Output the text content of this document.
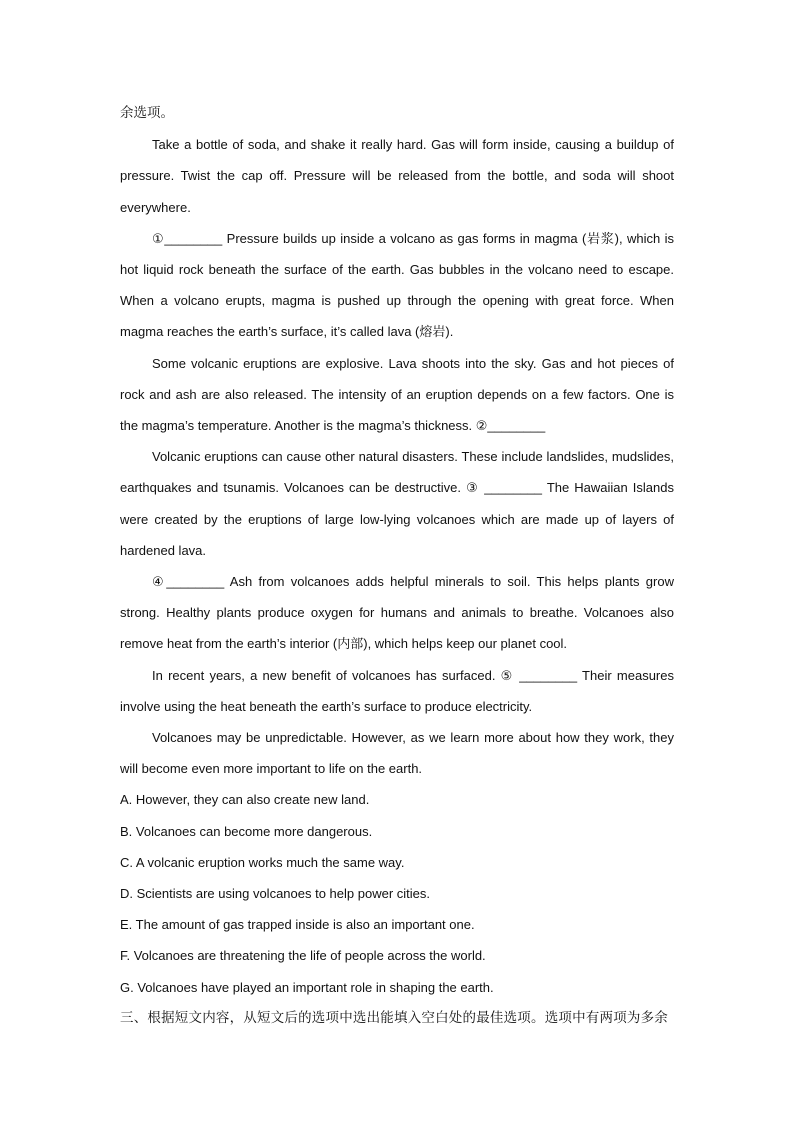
余选项。

Take a bottle of soda, and shake it really hard. Gas will form inside, causing a buildup of pressure. Twist the cap off. Pressure will be released from the bottle, and soda will shoot everywhere.

①________ Pressure builds up inside a volcano as gas forms in magma (岩浆), which is hot liquid rock beneath the surface of the earth. Gas bubbles in the volcano need to escape. When a volcano erupts, magma is pushed up through the opening with great force. When magma reaches the earth’s surface, it’s called lava (熔岩).

Some volcanic eruptions are explosive. Lava shoots into the sky. Gas and hot pieces of rock and ash are also released. The intensity of an eruption depends on a few factors. One is the magma’s temperature. Another is the magma’s thickness. ②________

Volcanic eruptions can cause other natural disasters. These include landslides, mudslides, earthquakes and tsunamis. Volcanoes can be destructive. ③ ________ The Hawaiian Islands were created by the eruptions of large low-lying volcanoes which are made up of layers of hardened lava.

④________ Ash from volcanoes adds helpful minerals to soil. This helps plants grow strong. Healthy plants produce oxygen for humans and animals to breathe. Volcanoes also remove heat from the earth’s interior (内部), which helps keep our planet cool.

In recent years, a new benefit of volcanoes has surfaced. ⑤ ________ Their measures involve using the heat beneath the earth’s surface to produce electricity.

Volcanoes may be unpredictable. However, as we learn more about how they work, they will become even more important to life on the earth.

A. However, they can also create new land.

B. Volcanoes can become more dangerous.

C. A volcanic eruption works much the same way.

D. Scientists are using volcanoes to help power cities.

E. The amount of gas trapped inside is also an important one.

F. Volcanoes are threatening the life of people across the world.

G. Volcanoes have played an important role in shaping the earth.

三、根据短文内容，从短文后的选项中选出能填入空白处的最佳选项。选项中有两项为多余
